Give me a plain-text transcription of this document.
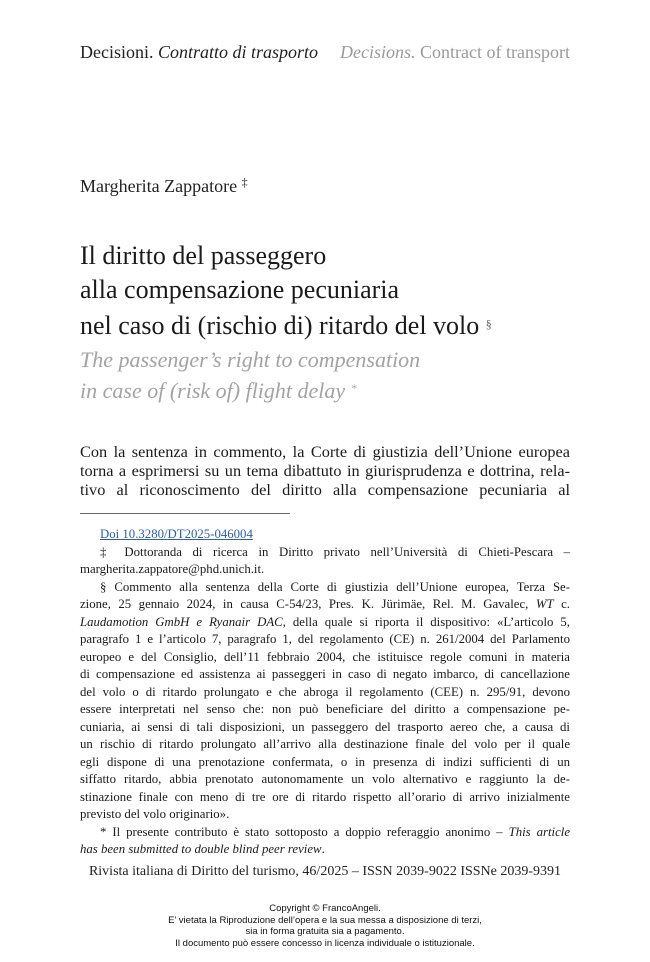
Decisioni. Contratto di trasporto Decisions. Contract of transport
Margherita Zappatore ‡
Il diritto del passeggero
alla compensazione pecuniaria
nel caso di (rischio di) ritardo del volo §
The passenger’s right to compensation
in case of (risk of) flight delay *
Con la sentenza in commento, la Corte di giustizia dell’Unione europea
torna a esprimersi su un tema dibattuto in giurisprudenza e dottrina, rela-
tivo al riconoscimento del diritto alla compensazione pecuniaria al
Doi 10.3280/DT2025-046004
‡ Dottoranda di ricerca in Diritto privato nell’Università di Chieti-Pescara –
margherita.zappatore@phd.unich.it.
§ Commento alla sentenza della Corte di giustizia dell’Unione europea, Terza Se-
zione, 25 gennaio 2024, in causa C-54/23, Pres. K. Jürimäe, Rel. M. Gavalec, WT c.
Laudamotion GmbH e Ryanair DAC, della quale si riporta il dispositivo: «L’articolo 5,
paragrafo 1 e l’articolo 7, paragrafo 1, del regolamento (CE) n. 261/2004 del Parlamento
europeo e del Consiglio, dell’11 febbraio 2004, che istituisce regole comuni in materia
di compensazione ed assistenza ai passeggeri in caso di negato imbarco, di cancellazione
del volo o di ritardo prolungato e che abroga il regolamento (CEE) n. 295/91, devono
essere interpretati nel senso che: non può beneficiare del diritto a compensazione pe-
cuniaria, ai sensi di tali disposizioni, un passeggero del trasporto aereo che, a causa di
un rischio di ritardo prolungato all’arrivo alla destinazione finale del volo per il quale
egli dispone di una prenotazione confermata, o in presenza di indizi sufficienti di un
siffatto ritardo, abbia prenotato autonomamente un volo alternativo e raggiunto la de-
stinazione finale con meno di tre ore di ritardo rispetto all’orario di arrivo inizialmente
previsto del volo originario».
* Il presente contributo è stato sottoposto a doppio referaggio anonimo – This article
has been submitted to double blind peer review.
Rivista italiana di Diritto del turismo, 46/2025 – ISSN 2039-9022 ISSNe 2039-9391
Copyright © FrancoAngeli.
E’ vietata la Riproduzione dell’opera e la sua messa a disposizione di terzi,
sia in forma gratuita sia a pagamento.
Il documento può essere concesso in licenza individuale o istituzionale.
